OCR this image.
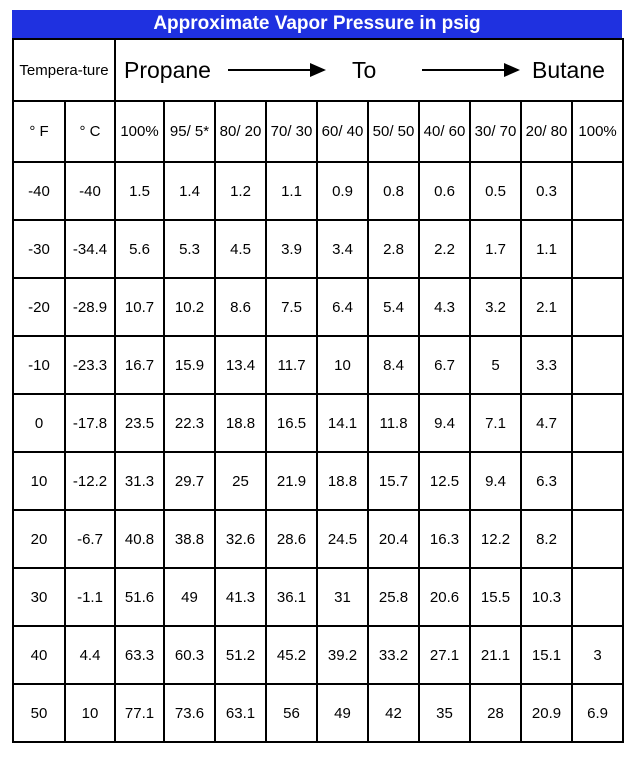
Approximate Vapor Pressure in psig
Tempera-ture		Propane To Butane									

° F	° C	100%	95/ 5*	80/ 20	70/ 30	60/ 40	50/ 50	40/ 60	30/ 70	20/ 80	100%
-40	-40	1.5	1.4	1.2	1.1	0.9	0.8	0.6	0.5	0.3	
-30	-34.4	5.6	5.3	4.5	3.9	3.4	2.8	2.2	1.7	1.1	
-20	-28.9	10.7	10.2	8.6	7.5	6.4	5.4	4.3	3.2	2.1	
-10	-23.3	16.7	15.9	13.4	11.7	10	8.4	6.7	5	3.3	
0	-17.8	23.5	22.3	18.8	16.5	14.1	11.8	9.4	7.1	4.7	
10	-12.2	31.3	29.7	25	21.9	18.8	15.7	12.5	9.4	6.3	
20	-6.7	40.8	38.8	32.6	28.6	24.5	20.4	16.3	12.2	8.2	
30	-1.1	51.6	49	41.3	36.1	31	25.8	20.6	15.5	10.3	
40	4.4	63.3	60.3	51.2	45.2	39.2	33.2	27.1	21.1	15.1	3
50	10	77.1	73.6	63.1	56	49	42	35	28	20.9	6.9
